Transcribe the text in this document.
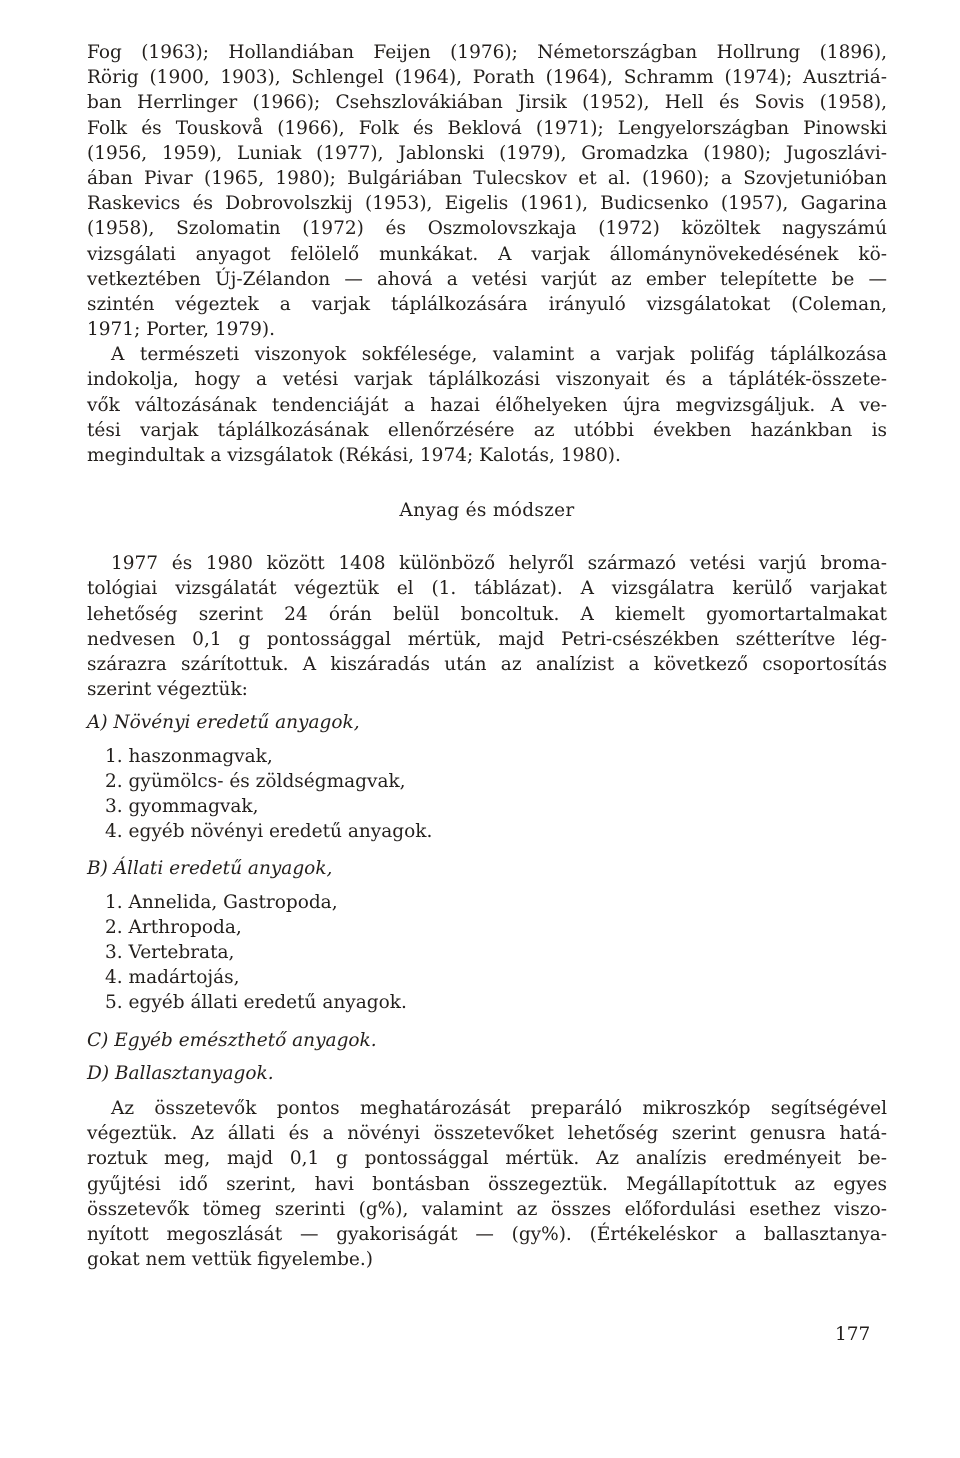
Fog (1963); Hollandiában Feijen (1976); Németországban Hollrung (1896),
Rörig (1900, 1903), Schlengel (1964), Porath (1964), Schramm (1974); Ausztriá-
ban Herrlinger (1966); Csehszlovákiában Jirsik (1952), Hell és Sovis (1958),
Folk és Touskovå (1966), Folk és Beklová (1971); Lengyelországban Pinowski
(1956, 1959), Luniak (1977), Jablonski (1979), Gromadzka (1980); Jugoszlávi-
ában Pivar (1965, 1980); Bulgáriában Tulecskov et al. (1960); a Szovjetunióban
Raskevics és Dobrovolszkij (1953), Eigelis (1961), Budicsenko (1957), Gagarina
(1958), Szolomatin (1972) és Oszmolovszkaja (1972) közöltek nagyszámú
vizsgálati anyagot felölelő munkákat. A varjak állománynövekedésének kö-
vetkeztében Új-Zélandon — ahová a vetési varjút az ember telepítette be —
szintén végeztek a varjak táplálkozására irányuló vizsgálatokat (Coleman,
1971; Porter, 1979).
A természeti viszonyok sokfélesége, valamint a varjak polifág táplálkozása
indokolja, hogy a vetési varjak táplálkozási viszonyait és a tápláték-összete-
vők változásának tendenciáját a hazai élőhelyeken újra megvizsgáljuk. A ve-
tési varjak táplálkozásának ellenőrzésére az utóbbi években hazánkban is
megindultak a vizsgálatok (Rékási, 1974; Kalotás, 1980).
Anyag és módszer
1977 és 1980 között 1408 különböző helyről származó vetési varjú broma-
tológiai vizsgálatát végeztük el (1. táblázat). A vizsgálatra kerülő varjakat
lehetőség szerint 24 órán belül boncoltuk. A kiemelt gyomortartalmakat
nedvesen 0,1 g pontossággal mértük, majd Petri-csészékben szétterítve lég-
szárazra szárítottuk. A kiszáradás után az analízist a következő csoportosítás
szerint végeztük:
A) Növényi eredetű anyagok,
1. haszonmagvak,
2. gyümölcs- és zöldségmagvak,
3. gyommagvak,
4. egyéb növényi eredetű anyagok.
B) Állati eredetű anyagok,
1. Annelida, Gastropoda,
2. Arthropoda,
3. Vertebrata,
4. madártojás,
5. egyéb állati eredetű anyagok.
C) Egyéb emészthető anyagok.
D) Ballasztanyagok.
Az összetevők pontos meghatározását preparáló mikroszkóp segítségével
végeztük. Az állati és a növényi összetevőket lehetőség szerint genusra hatá-
roztuk meg, majd 0,1 g pontossággal mértük. Az analízis eredményeit be-
gyűjtési idő szerint, havi bontásban összegeztük. Megállapítottuk az egyes
összetevők tömeg szerinti (g%), valamint az összes előfordulási esethez viszo-
nyított megoszlását — gyakoriságát — (gy%). (Értékeléskor a ballasztanya-
gokat nem vettük figyelembe.)
177
